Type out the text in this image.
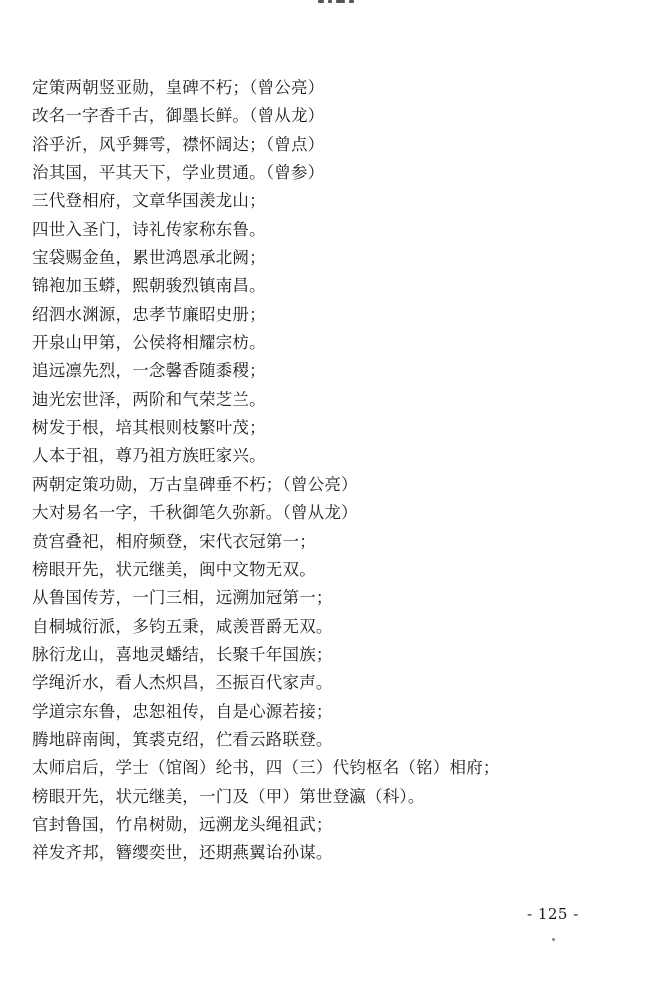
定策两朝竖亚勋，皇碑不朽；（曾公亮）
改名一字香千古，御墨长鲜。（曾从龙）
浴乎沂，风乎舞雩，襟怀阔达；（曾点）
治其国，平其天下，学业贯通。（曾参）
三代登相府，文章华国羡龙山；
四世入圣门，诗礼传家称东鲁。
宝袋赐金鱼，累世鸿恩承北阙；
锦袍加玉蟒，熙朝骏烈镇南昌。
绍泗水渊源，忠孝节廉昭史册；
开泉山甲第，公侯将相耀宗枋。
追远凛先烈，一念馨香随黍稷；
迪光宏世泽，两阶和气荣芝兰。
树发于根，培其根则枝繁叶茂；
人本于祖，尊乃祖方族旺家兴。
两朝定策功勋，万古皇碑垂不朽；（曾公亮）
大对易名一字，千秋御笔久弥新。（曾从龙）
贲宫叠祀，相府频登，宋代衣冠第一；
榜眼开先，状元继美，闽中文物无双。
从鲁国传芳，一门三相，远溯加冠第一；
自桐城衍派，多钧五秉，咸羡晋爵无双。
脉衍龙山，喜地灵蟠结，长聚千年国族；
学绳沂水，看人杰炽昌，丕振百代家声。
学道宗东鲁，忠恕祖传，自是心源若接；
腾地辟南闽，箕裘克绍，伫看云路联登。
太师启后，学士（馆阁）纶书，四（三）代钧枢名（铭）相府；
榜眼开先，状元继美，一门及（甲）第世登瀛（科）。
官封鲁国，竹帛树勋，远溯龙头绳祖武；
祥发齐邦，簪缨奕世，还期燕翼诒孙谋。
- 125 -
